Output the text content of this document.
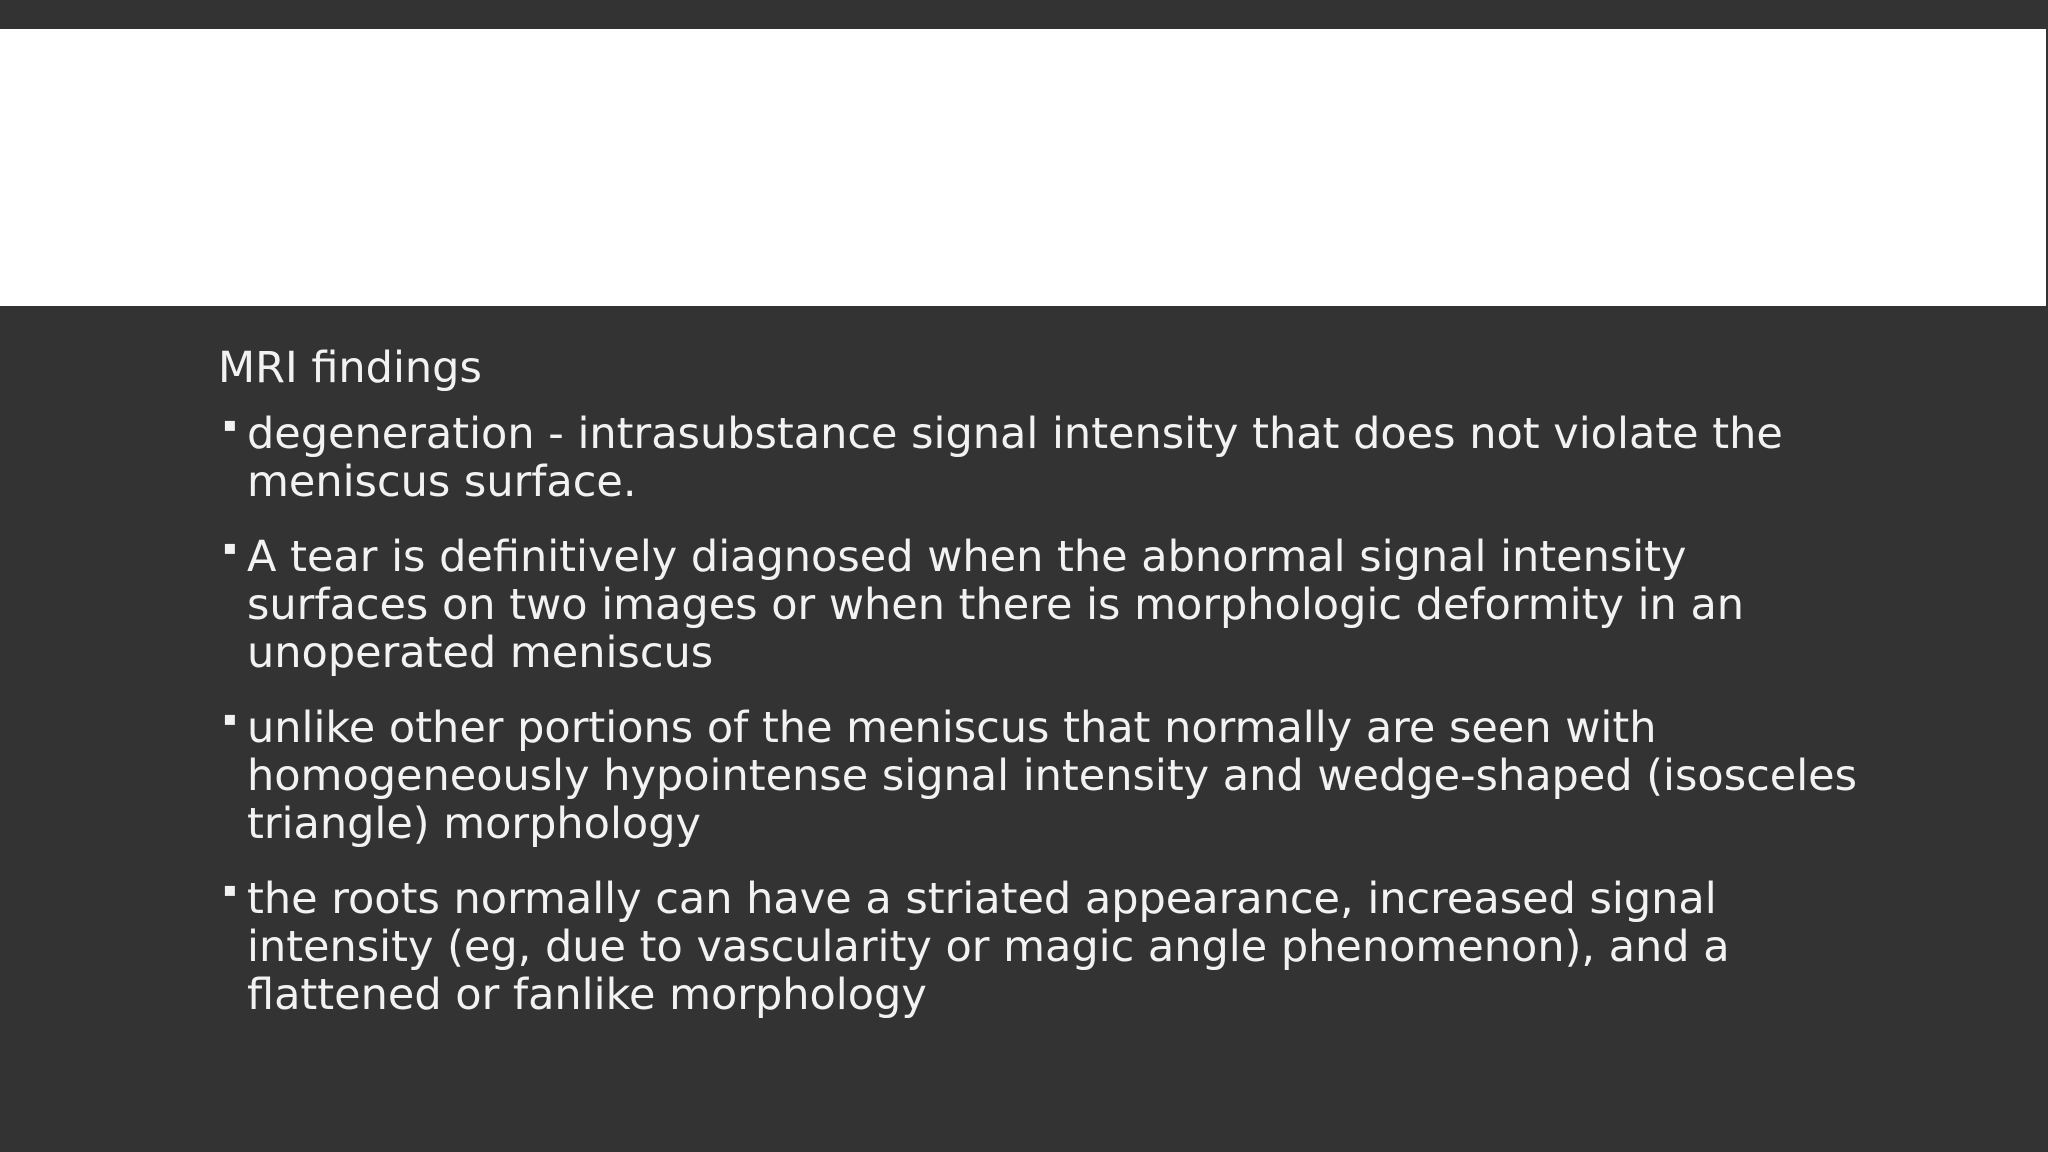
MRI findings
▪ degeneration - intrasubstance signal intensity that does not violate the meniscus surface.
▪ A tear is definitively diagnosed when the abnormal signal intensity surfaces on two images or when there is morphologic deformity in an unoperated meniscus
▪ unlike other portions of the meniscus that normally are seen with homogeneously hypointense signal intensity and wedge-shaped (isosceles triangle) morphology
▪ the roots normally can have a striated appearance, increased signal intensity (eg, due to vascularity or magic angle phenomenon), and a flattened or fanlike morphology
